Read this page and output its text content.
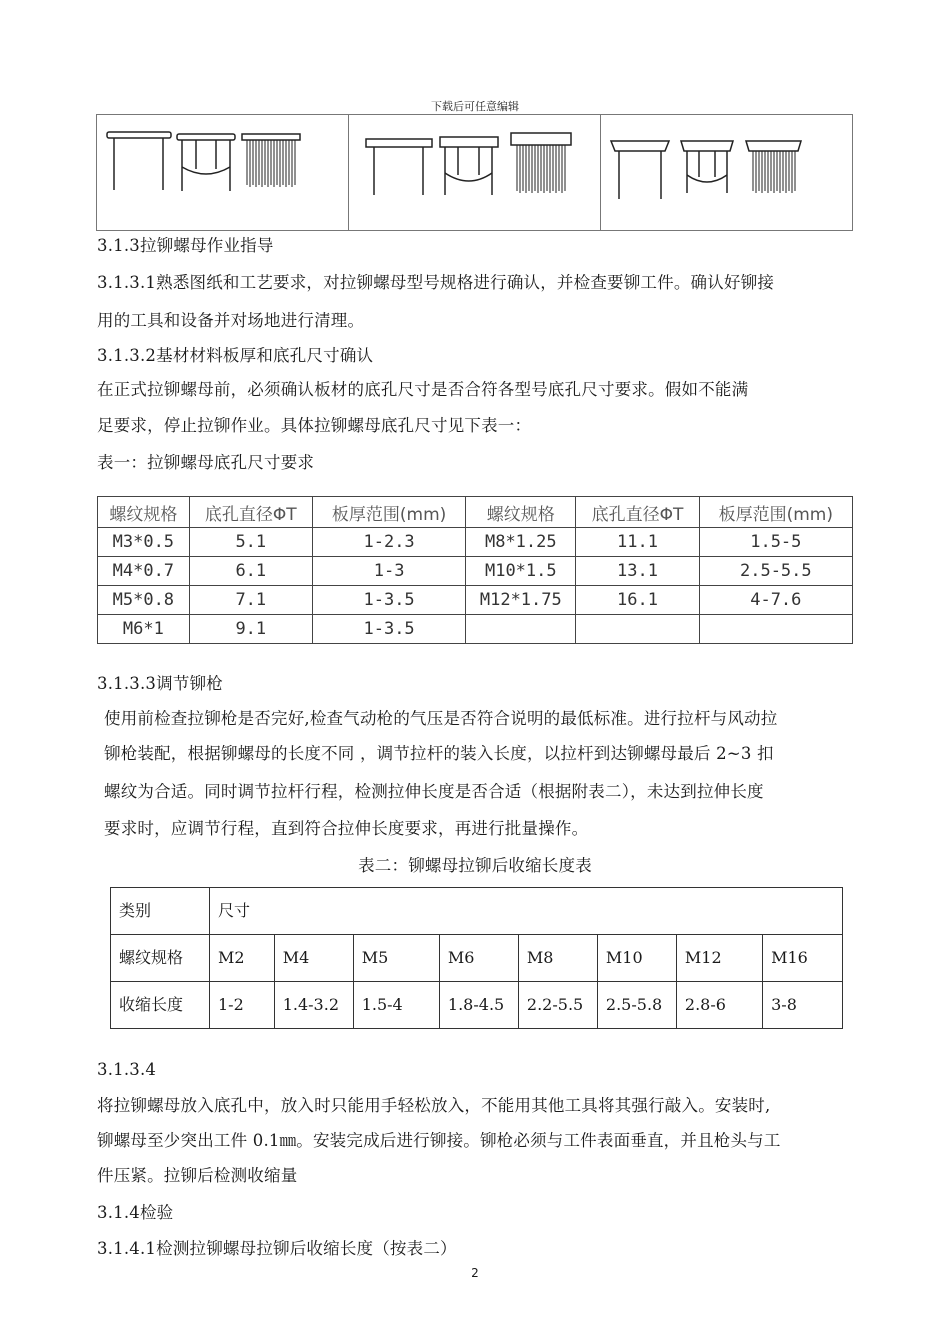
下载后可任意编辑
3.1.3拉铆螺母作业指导
3.1.3.1熟悉图纸和工艺要求，对拉铆螺母型号规格进行确认，并检查要铆工件。确认好铆接
用的工具和设备并对场地进行清理。
3.1.3.2基材材料板厚和底孔尺寸确认
在正式拉铆螺母前，必须确认板材的底孔尺寸是否合符各型号底孔尺寸要求。假如不能满
足要求，停止拉铆作业。具体拉铆螺母底孔尺寸见下表一：
表一：拉铆螺母底孔尺寸要求
螺纹规格	底孔直径ΦT	板厚范围(mm)	螺纹规格	底孔直径ΦT	板厚范围(mm)
M3*0.5	5.1	1-2.3	M8*1.25	11.1	1.5-5
M4*0.7	6.1	1-3	M10*1.5	13.1	2.5-5.5
M5*0.8	7.1	1-3.5	M12*1.75	16.1	4-7.6
M6*1	9.1	1-3.5			
3.1.3.3调节铆枪
使用前检查拉铆枪是否完好,检查气动枪的气压是否符合说明的最低标准。进行拉杆与风动拉
铆枪装配，根据铆螺母的长度不同 ，调节拉杆的装入长度，以拉杆到达铆螺母最后 2~3 扣
螺纹为合适。同时调节拉杆行程，检测拉伸长度是否合适（根据附表二），未达到拉伸长度
要求时，应调节行程，直到符合拉伸长度要求，再进行批量操作。
表二：铆螺母拉铆后收缩长度表
类别	尺寸							
螺纹规格	M2	M4	M5	M6	M8	M10	M12	M16
收缩长度	1-2	1.4-3.2	1.5-4	1.8-4.5	2.2-5.5	2.5-5.8	2.8-6	3-8
3.1.3.4
将拉铆螺母放入底孔中，放入时只能用手轻松放入，不能用其他工具将其强行敲入。安装时,
铆螺母至少突出工件 0.1㎜。安装完成后进行铆接。铆枪必须与工件表面垂直，并且枪头与工
件压紧。拉铆后检测收缩量
3.1.4检验
3.1.4.1检测拉铆螺母拉铆后收缩长度（按表二）
2
